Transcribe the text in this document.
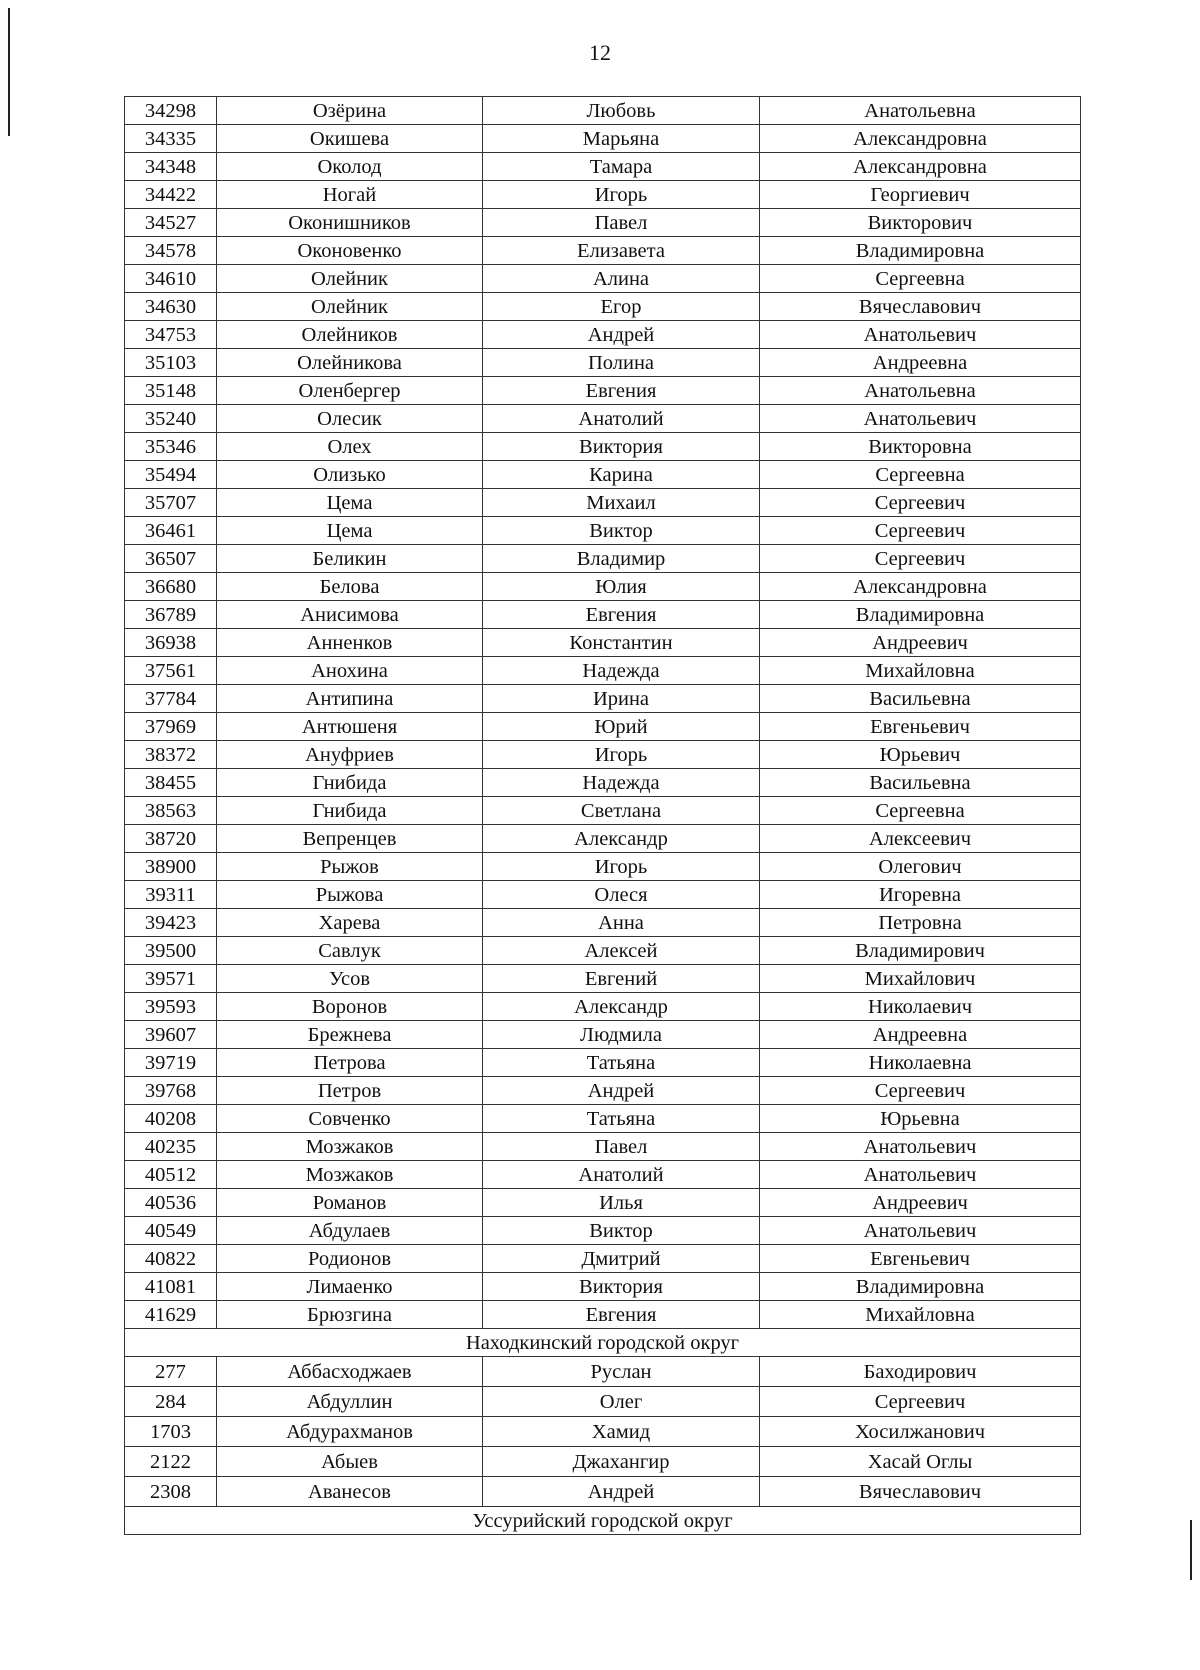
12
34298	Озёрина	Любовь	Анатольевна
34335	Окишева	Марьяна	Александровна
34348	Околод	Тамара	Александровна
34422	Ногай	Игорь	Георгиевич
34527	Оконишников	Павел	Викторович
34578	Оконовенко	Елизавета	Владимировна
34610	Олейник	Алина	Сергеевна
34630	Олейник	Егор	Вячеславович
34753	Олейников	Андрей	Анатольевич
35103	Олейникова	Полина	Андреевна
35148	Оленбергер	Евгения	Анатольевна
35240	Олесик	Анатолий	Анатольевич
35346	Олех	Виктория	Викторовна
35494	Олизько	Карина	Сергеевна
35707	Цема	Михаил	Сергеевич
36461	Цема	Виктор	Сергеевич
36507	Беликин	Владимир	Сергеевич
36680	Белова	Юлия	Александровна
36789	Анисимова	Евгения	Владимировна
36938	Анненков	Константин	Андреевич
37561	Анохина	Надежда	Михайловна
37784	Антипина	Ирина	Васильевна
37969	Антюшеня	Юрий	Евгеньевич
38372	Ануфриев	Игорь	Юрьевич
38455	Гнибида	Надежда	Васильевна
38563	Гнибида	Светлана	Сергеевна
38720	Вепренцев	Александр	Алексеевич
38900	Рыжов	Игорь	Олегович
39311	Рыжова	Олеся	Игоревна
39423	Харева	Анна	Петровна
39500	Савлук	Алексей	Владимирович
39571	Усов	Евгений	Михайлович
39593	Воронов	Александр	Николаевич
39607	Брежнева	Людмила	Андреевна
39719	Петрова	Татьяна	Николаевна
39768	Петров	Андрей	Сергеевич
40208	Совченко	Татьяна	Юрьевна
40235	Мозжаков	Павел	Анатольевич
40512	Мозжаков	Анатолий	Анатольевич
40536	Романов	Илья	Андреевич
40549	Абдулаев	Виктор	Анатольевич
40822	Родионов	Дмитрий	Евгеньевич
41081	Лимаенко	Виктория	Владимировна
41629	Брюзгина	Евгения	Михайловна
Находкинский городской округ			
277	Аббасходжаев	Руслан	Баходирович
284	Абдуллин	Олег	Сергеевич
1703	Абдурахманов	Хамид	Хосилжанович
2122	Абыев	Джахангир	Хасай Оглы
2308	Аванесов	Андрей	Вячеславович
Уссурийский городской округ			
